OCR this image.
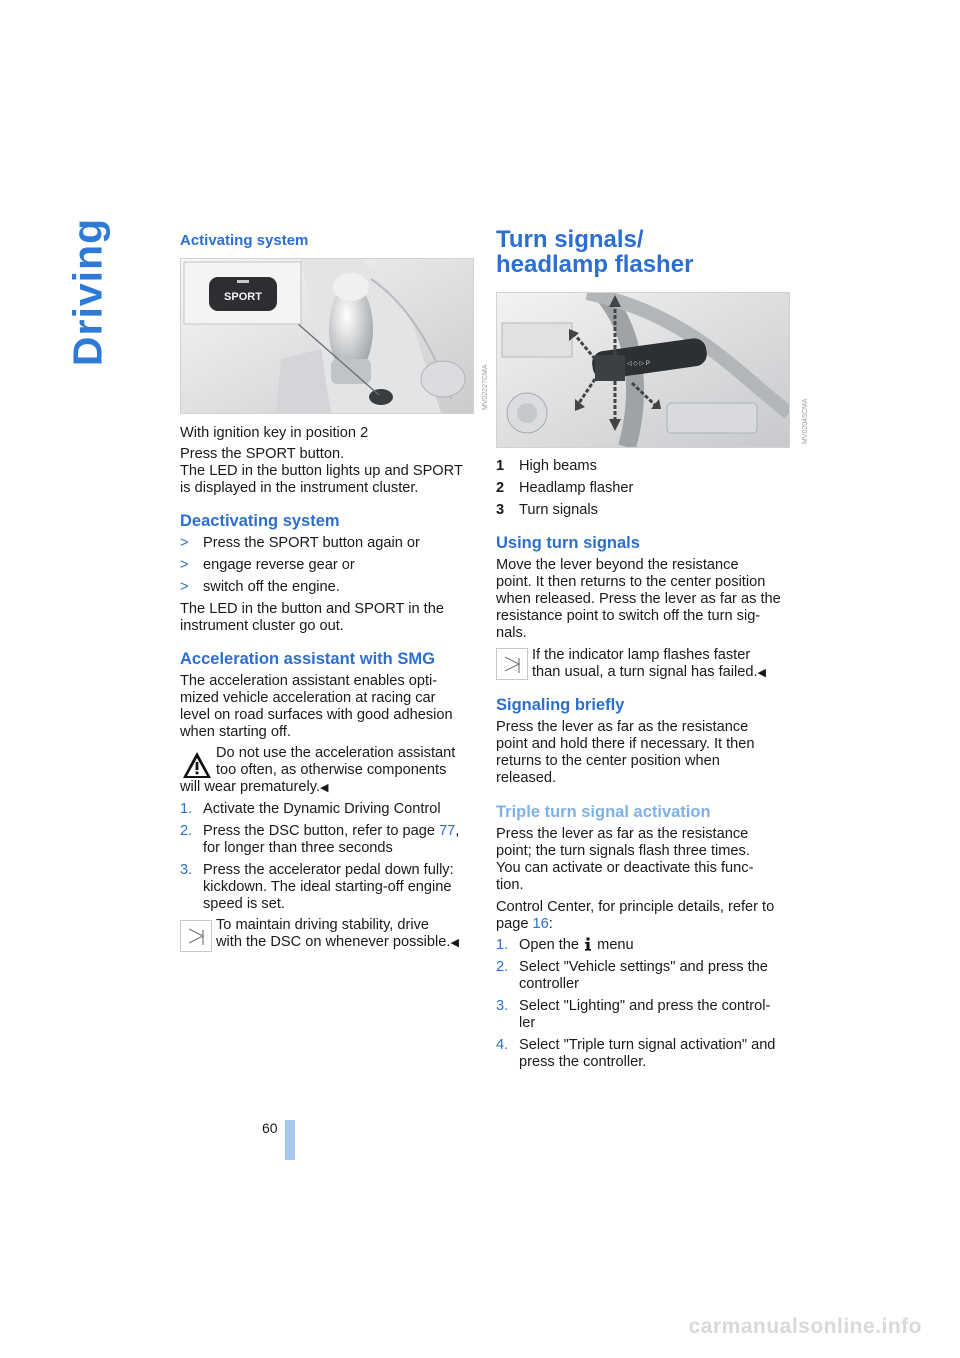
Driving	Activating system
SPORT
MV02227CMA

With ignition key in position 2

Press the SPORT button.

The LED in the button lights up and SPORT

is displayed in the instrument cluster.

Deactivating system
> Press the SPORT button again or
> engage reverse gear or
> switch off the engine.

The LED in the button and SPORT in the

instrument cluster go out.

Acceleration assistant with SMG

The acceleration assistant enables opti-

mized vehicle acceleration at racing car

level on road surfaces with good adhesion

when starting off.

Do not use the acceleration assistant

too often, as otherwise components

will wear prematurely.◀

1. Activate the Dynamic Driving Control

2. Press the DSC button, refer to page 77,

for longer than three seconds

3. Press the accelerator pedal down fully:

kickdown. The ideal starting-off engine

speed is set.

To maintain driving stability, drive

with the DSC on whenever possible.◀

Turn signals/
headlamp flasher
◁ ◇ ▷ P
MV02045CMA

1 High beams

2 Headlamp flasher

3 Turn signals

Using turn signals

Move the lever beyond the resistance

point. It then returns to the center position

when released. Press the lever as far as the

resistance point to switch off the turn sig-

nals.

If the indicator lamp flashes faster

than usual, a turn signal has failed.◀

Signaling briefly

Press the lever as far as the resistance

point and hold there if necessary. It then

returns to the center position when

released.

Triple turn signal activation

Press the lever as far as the resistance

point; the turn signals flash three times.

You can activate or deactivate this func-

tion.

Control Center, for principle details, refer to

page 16:

1. Open the  menu

2. Select "Vehicle settings" and press the

controller

3. Select "Lighting" and press the control-

ler

4. Select "Triple turn signal activation" and

press the controller.

60
carmanualsonline.info
